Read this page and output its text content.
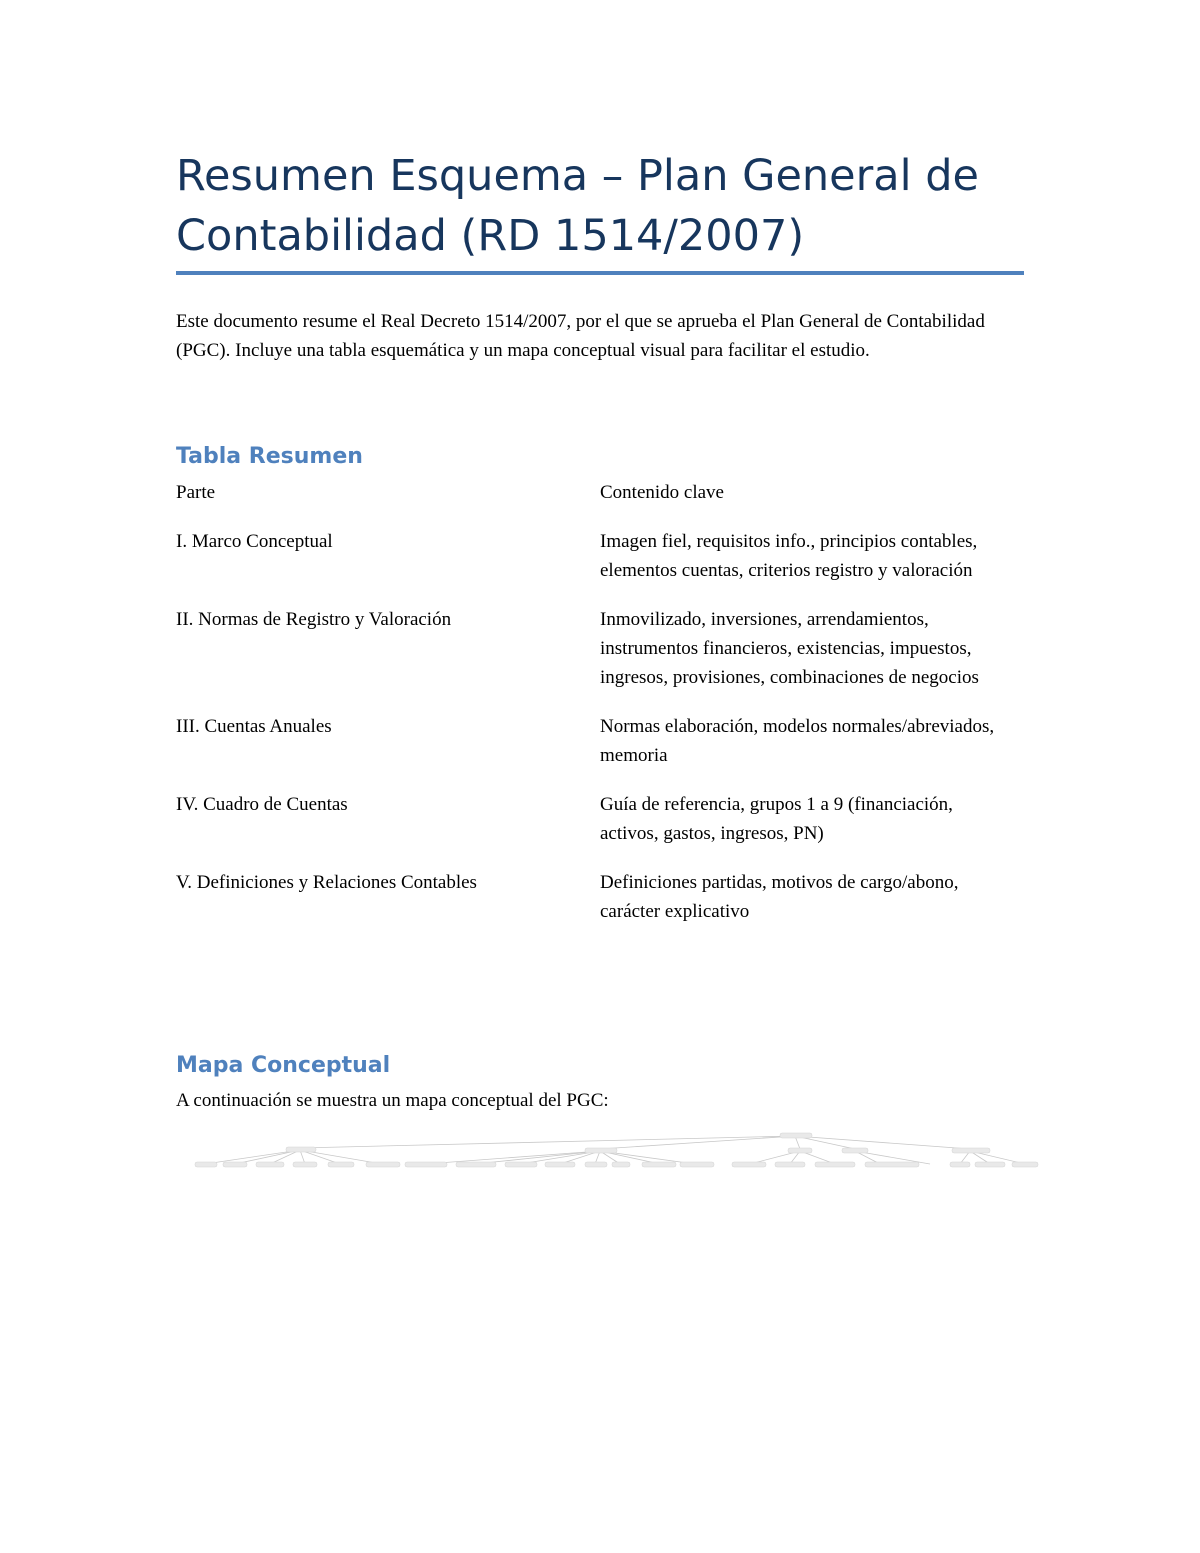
Resumen Esquema – Plan General de Contabilidad (RD 1514/2007)

Este documento resume el Real Decreto 1514/2007, por el que se aprueba el Plan General de Contabilidad (PGC). Incluye una tabla esquemática y un mapa conceptual visual para facilitar el estudio.

Tabla Resumen
Parte	Contenido clave
I. Marco Conceptual	Imagen fiel, requisitos info., principios contables, elementos cuentas, criterios registro y valoración
II. Normas de Registro y Valoración	Inmovilizado, inversiones, arrendamientos, instrumentos financieros, existencias, impuestos, ingresos, provisiones, combinaciones de negocios
III. Cuentas Anuales	Normas elaboración, modelos normales/abreviados, memoria
IV. Cuadro de Cuentas	Guía de referencia, grupos 1 a 9 (financiación, activos, gastos, ingresos, PN)
V. Definiciones y Relaciones Contables	Definiciones partidas, motivos de cargo/abono, carácter explicativo
Mapa Conceptual

A continuación se muestra un mapa conceptual del PGC:
